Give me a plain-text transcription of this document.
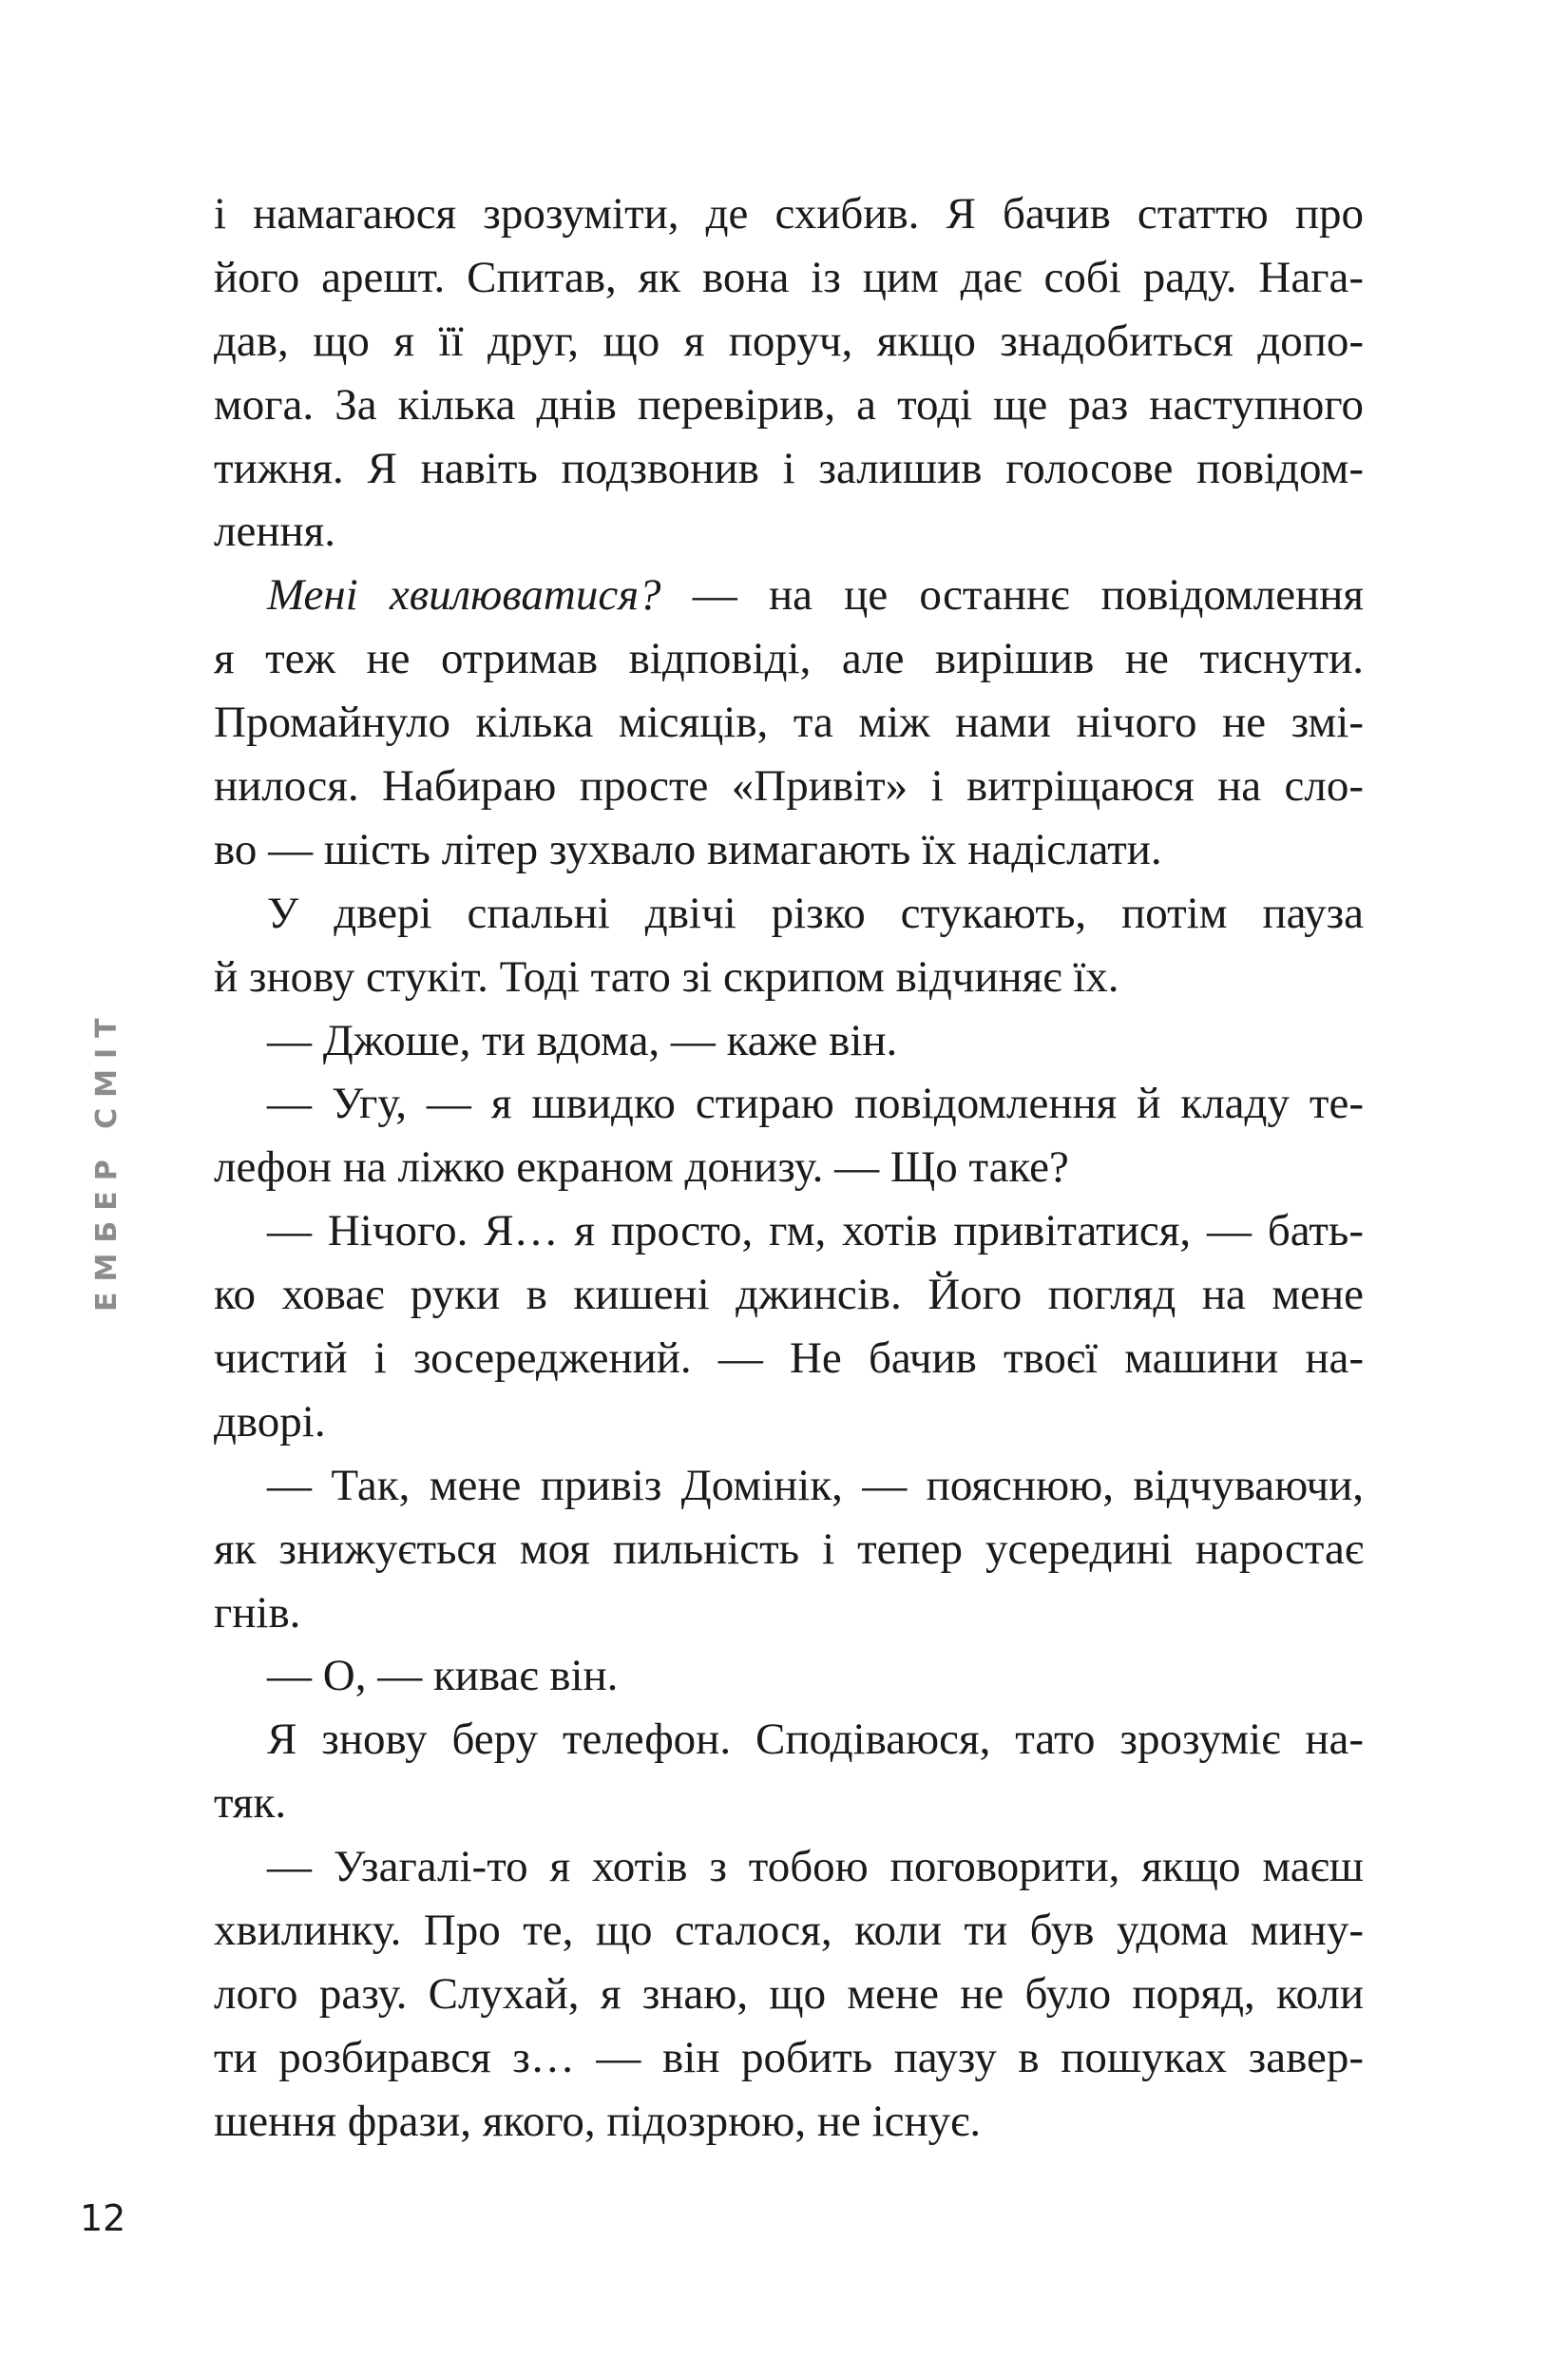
ЕМБЕР СМІТ
і намагаюся зрозуміти, де схибив. Я бачив статтю про
його арешт. Спитав, як вона із цим дає собі раду. Нага-
дав, що я її друг, що я поруч, якщо знадобиться допо-
мога. За кілька днів перевірив, а тоді ще раз наступного
тижня. Я навіть подзвонив і залишив голосове повідом-
лення.
Мені хвилюватися? — на це останнє повідомлення
я теж не отримав відповіді, але вирішив не тиснути.
Промайнуло кілька місяців, та між нами нічого не змі-
нилося. Набираю просте «Привіт» і витріщаюся на сло-
во — шість літер зухвало вимагають їх надіслати.
У двері спальні двічі різко стукають, потім пауза
й знову стукіт. Тоді тато зі скрипом відчиняє їх.
— Джоше, ти вдома, — каже він.
— Угу, — я швидко стираю повідомлення й кладу те-
лефон на ліжко екраном донизу. — Що таке?
— Нічого. Я… я просто, гм, хотів привітатися, — бать-
ко ховає руки в кишені джинсів. Його погляд на мене
чистий і зосереджений. — Не бачив твоєї машини на-
дворі.
— Так, мене привіз Домінік, — пояснюю, відчуваючи,
як знижується моя пильність і тепер усередині наростає
гнів.
— О, — киває він.
Я знову беру телефон. Сподіваюся, тато зрозуміє на-
тяк.
— Узагалі-то я хотів з тобою поговорити, якщо маєш
хвилинку. Про те, що сталося, коли ти був удома мину-
лого разу. Слухай, я знаю, що мене не було поряд, коли
ти розбирався з… — він робить паузу в пошуках завер-
шення фрази, якого, підозрюю, не існує.
12
